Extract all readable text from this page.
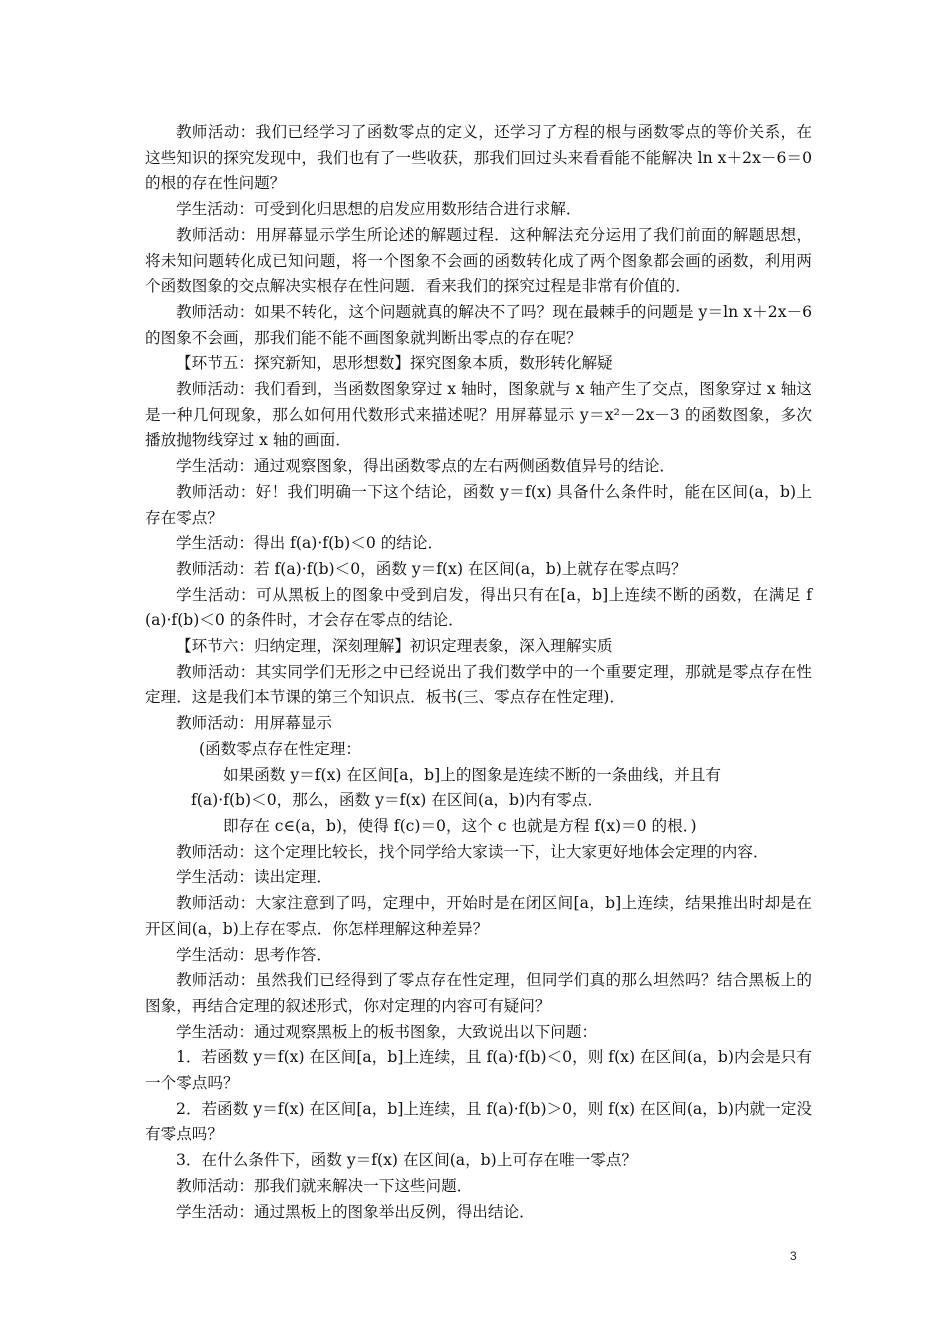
教师活动：我们已经学习了函数零点的定义，还学习了方程的根与函数零点的等价关系，在这些知识的探究发现中，我们也有了一些收获，那我们回过头来看看能不能解决 ln x＋2x－6＝0 的根的存在性问题？

学生活动：可受到化归思想的启发应用数形结合进行求解．

教师活动：用屏幕显示学生所论述的解题过程．这种解法充分运用了我们前面的解题思想，将未知问题转化成已知问题，将一个图象不会画的函数转化成了两个图象都会画的函数，利用两个函数图象的交点解决实根存在性问题．看来我们的探究过程是非常有价值的．

教师活动：如果不转化，这个问题就真的解决不了吗？现在最棘手的问题是 y＝ln x＋2x－6 的图象不会画，那我们能不能不画图象就判断出零点的存在呢？

【环节五：探究新知，思形想数】探究图象本质，数形转化解疑

教师活动：我们看到，当函数图象穿过 x 轴时，图象就与 x 轴产生了交点，图象穿过 x 轴这是一种几何现象，那么如何用代数形式来描述呢？用屏幕显示 y＝x²－2x－3 的函数图象，多次播放抛物线穿过 x 轴的画面．

学生活动：通过观察图象，得出函数零点的左右两侧函数值异号的结论．

教师活动：好！我们明确一下这个结论，函数 y＝f(x) 具备什么条件时，能在区间(a，b)上存在零点？

学生活动：得出 f(a)·f(b)＜0 的结论．

教师活动：若 f(a)·f(b)＜0，函数 y＝f(x) 在区间(a，b)上就存在零点吗？

学生活动：可从黑板上的图象中受到启发，得出只有在[a，b]上连续不断的函数，在满足 f(a)·f(b)＜0 的条件时，才会存在零点的结论．

【环节六：归纳定理，深刻理解】初识定理表象，深入理解实质

教师活动：其实同学们无形之中已经说出了我们数学中的一个重要定理，那就是零点存在性定理．这是我们本节课的第三个知识点．板书(三、零点存在性定理)．

教师活动：用屏幕显示

(函数零点存在性定理：

如果函数 y＝f(x) 在区间[a，b]上的图象是连续不断的一条曲线，并且有

f(a)·f(b)＜0，那么，函数 y＝f(x) 在区间(a，b)内有零点．

即存在 c∈(a，b)，使得 f(c)＝0，这个 c 也就是方程 f(x)＝0 的根．)

教师活动：这个定理比较长，找个同学给大家读一下，让大家更好地体会定理的内容．

学生活动：读出定理．

教师活动：大家注意到了吗，定理中，开始时是在闭区间[a，b]上连续，结果推出时却是在开区间(a，b)上存在零点．你怎样理解这种差异？

学生活动：思考作答．

教师活动：虽然我们已经得到了零点存在性定理，但同学们真的那么坦然吗？结合黑板上的图象，再结合定理的叙述形式，你对定理的内容可有疑问？

学生活动：通过观察黑板上的板书图象，大致说出以下问题：

1．若函数 y＝f(x) 在区间[a，b]上连续，且 f(a)·f(b)＜0，则 f(x) 在区间(a，b)内会是只有一个零点吗？

2．若函数 y＝f(x) 在区间[a，b]上连续，且 f(a)·f(b)＞0，则 f(x) 在区间(a，b)内就一定没有零点吗？

3．在什么条件下，函数 y＝f(x) 在区间(a，b)上可存在唯一零点？

教师活动：那我们就来解决一下这些问题．

学生活动：通过黑板上的图象举出反例，得出结论．

3
